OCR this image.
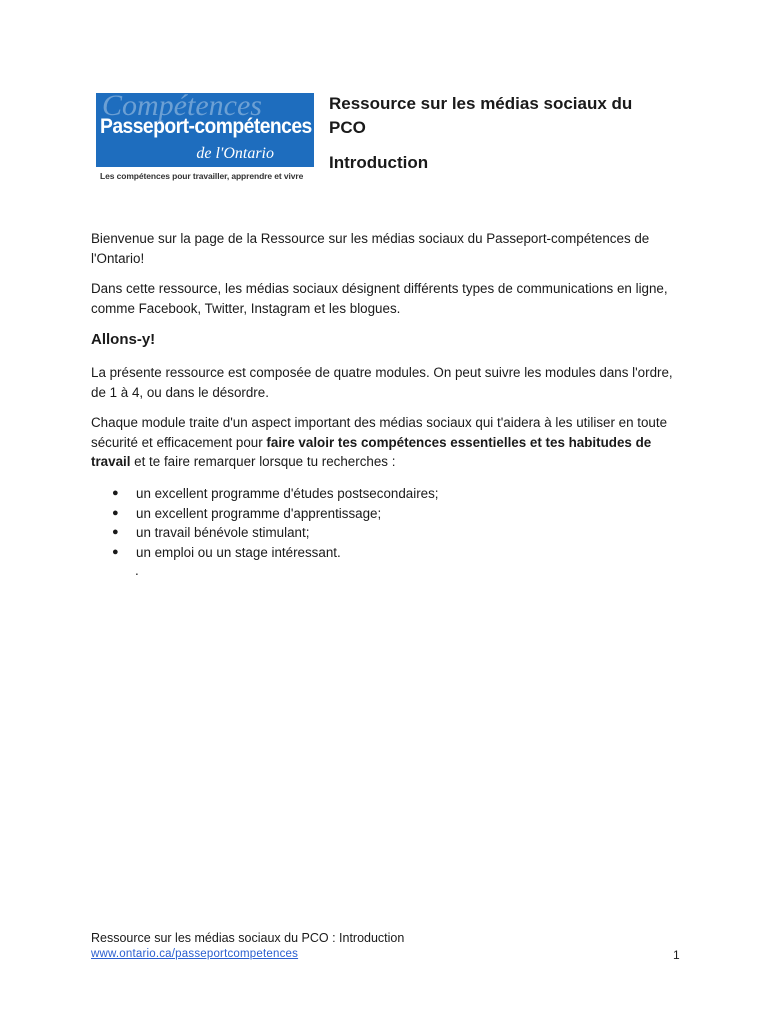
Compétences
Passeport-compétences
de l'Ontario
Les compétences pour travailler, apprendre et vivre
Ressource sur les médias sociaux du PCO
Introduction
Bienvenue sur la page de la Ressource sur les médias sociaux du Passeport-compétences de l'Ontario!
Dans cette ressource, les médias sociaux désignent différents types de communications en ligne, comme Facebook, Twitter, Instagram et les blogues.
Allons-y!
La présente ressource est composée de quatre modules. On peut suivre les modules dans l'ordre, de 1 à 4, ou dans le désordre.
Chaque module traite d'un aspect important des médias sociaux qui t'aidera à les utiliser en toute sécurité et efficacement pour faire valoir tes compétences essentielles et tes habitudes de travail et te faire remarquer lorsque tu recherches :
● un excellent programme d'études postsecondaires;
● un excellent programme d'apprentissage;
● un travail bénévole stimulant;
● un emploi ou un stage intéressant.
.
Ressource sur les médias sociaux du PCO : Introduction
www.ontario.ca/passeportcompetences	1
